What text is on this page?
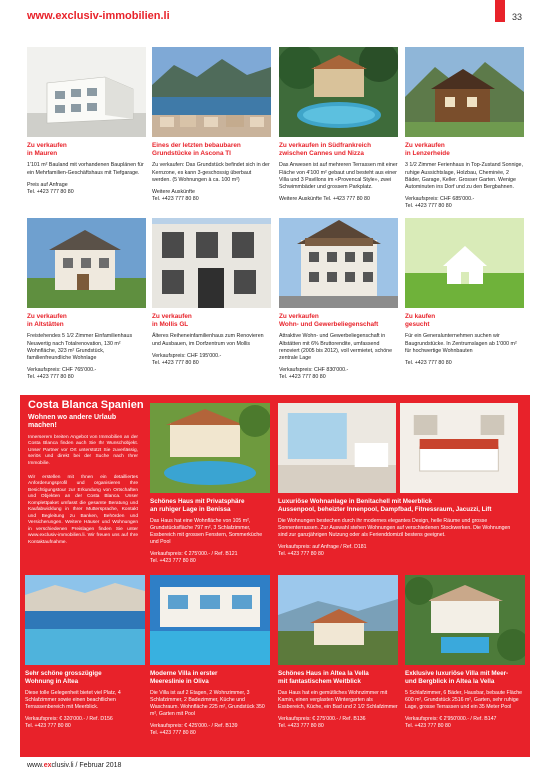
www.exclusiv-immobilien.li	33
Zu verkaufen
in Mauren

1'101 m² Bauland mit vorhandenen Bauplänen für ein Mehrfamilien-Geschäftshaus mit Tiefgarage.

Preis auf Anfrage
Tel. +423 777 80 80
Eines der letzten bebaubaren
Grundstücke in Ascona TI

Zu verkaufen: Das Grundstück befindet sich in der Kernzone, es kann 3-geschossig überbaut werden. (5 Wohnungen à ca. 100 m²)

Weitere Auskünfte
Tel. +423 777 80 80
Zu verkaufen in Südfrankreich
zwischen Cannes und Nizza

Das Anwesen ist auf mehreren Terrassen mit einer Fläche von 4'100 m² gebaut und besteht aus einer Villa und 3 Pavillons im «Provencal Style», zwei Schwimmbäder und grossem Parkplatz.

Weitere Auskünfte Tel. +423 777 80 80
Zu verkaufen
in Lenzerheide

3 1/2 Zimmer Ferienhaus in Top-Zustand Sonnige, ruhige Aussichtslage, Holzbau, Cheminée, 2 Bäder, Garage, Keller. Grosser Garten. Wenige Autominuten ins Dorf und zu den Bergbahnen.

Verkaufspreis: CHF 685'000.-
Tel. +423 777 80 80
Zu verkaufen
in Altstätten

Freistehendes 5 1/2 Zimmer Einfamilienhaus Neuwertig nach Totalrenovation, 130 m² Wohnfläche, 323 m² Grundstück, familienfreundliche Wohnlage

Verkaufspreis: CHF 765'000.-
Tel. +423 777 80 80
Zu verkaufen
in Mollis GL

Älteres Reiheneinfamilienhaus zum Renovieren und Ausbauen, im Dorfzentrum von Mollis

Verkaufspreis: CHF 195'000.-
Tel. +423 777 80 80
Zu verkaufen
Wohn- und Gewerbeliegenschaft

Attraktive Wohn- und Gewerbeliegenschaft in Altstätten mit 6% Bruttorendite, umfassend renoviert (2005 bis 2012), voll vermietet, schöne zentrale Lage

Verkaufspreis: CHF 830'000.-
Tel. +423 777 80 80
Zu kaufen
gesucht

Für ein Generalunternehmen suchen wir Baugrundstücke. In Zentrumslagen ab 1'000 m² für hochwertige Wohnbauten

Tel. +423 777 80 80
Costa Blanca Spanien
Wohnen wo andere Urlaub machen!
Innerserem breiten Angebot von Immobilien an der Costa Blanca finden auch Sie Ihr Wunschobjekt. Unser Partner vor Ort unterstützt Sie zuverlässig, seriös und direkt bei der Suche nach Ihrer Immobilie.
Wir erstellen mit Ihnen ein detailliertes Anforderungsprofil und organisieren Ihre Besichtigungstour zur Erkundung von Ortschaften und Objekten an der Costa Blanca. Unser Komplettpaket umfasst die gesamte Beratung und Kaufabwicklung in Ihrer Muttersprache, Kontakt und Begleitung zu Banken, Behörden und Versicherungen. Weitere Häuser und Wohnungen in verschiedenen Preislagen finden Sie unter www.exclusiv-immobilien.li. Wir freuen uns auf Ihre Kontaktaufnahme.
Schönes Haus mit Privatsphäre
an ruhiger Lage in Benissa

Das Haus hat eine Wohnfläche von 105 m², Grundstücksfläche 797 m², 3 Schlafzimmer, Essbereich mit grossen Fenstern, Sommerküche und Pool

Verkaufspreis: € 275'000.- / Ref. B121
Tel. +423 777 80 80
Luxuriöse Wohnanlage in Benitachell mit Meerblick
Aussenpool, beheizter Innenpool, Dampfbad, Fitnessraum, Jacuzzi, Lift

Die Wohnungen bestechen durch ihr modernes elegantes Design, helle Räume und grosse Sonnenterrassen. Zur Auswahl stehen Wohnungen auf verschiedenen Stockwerken. Die Wohnungen sind zur ganzjährigen Nutzung oder als Ferienddomizil bestens geeignet.

Verkaufspreis: auf Anfrage / Ref. D181
Tel. +423 777 80 80
Sehr schöne grosszügige
Wohnung in Altea

Diese tolle Gelegenheit bietet viel Platz, 4 Schlafzimmer sowie einen beachtlichen Terrassenbereich mit Meerblick.

Verkaufspreis: € 320'000.- / Ref. D156
Tel. +423 777 80 80
Moderne Villa in erster
Meereslinie in Oliva

Die Villa ist auf 2 Etagen, 2 Wohnzimmer, 3 Schlafzimmer, 2 Badezimmer, Küche und Waschraum. Wohnfläche 225 m², Grundstück 350 m², Garten mit Pool

Verkaufspreis: € 425'000.- / Ref. B139
Tel. +423 777 80 80
Schönes Haus in Altea la Vella
mit fantastischem Weitblick

Das Haus hat ein gemütliches Wohnzimmer mit Kamin, einen verglasten Wintergarten als Essbereich, Küche, ein Bad und 2 1/2 Schlafzimmer

Verkaufspreis: € 275'000.- / Ref. B136
Tel. +423 777 80 80
Exklusive luxuriöse Villa mit Meer-
und Bergblick in Altea la Vella

5 Schlafzimmer, 6 Bäder, Hausbar, bebaute Fläche 600 m², Grundstück 2516 m², Garten, sehr ruhige Lage, grosse Terrassen und ein 35 Meter Pool

Verkaufspreis: € 2'950'000.- / Ref. B147
Tel. +423 777 80 80
www.exclusiv.li / Februar 2018
